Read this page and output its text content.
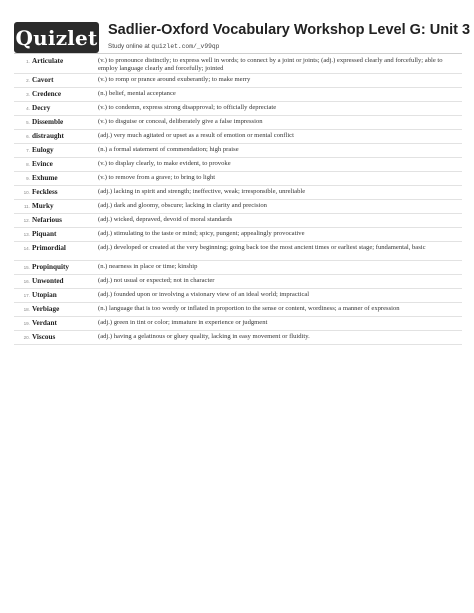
Quizlet Sadlier-Oxford Vocabulary Workshop Level G: Unit 3
Study online at quizlet.com/_v99qp
1. Articulate	(v.) to pronounce distinctly; to express well in words; to connect by a joint or joints; (adj.) expressed clearly and forcefully; able to employ language clearly and forcefully; jointed
2. Cavort	(v.) to romp or prance around exuberantly; to make merry
3. Credence	(n.) belief, mental acceptance
4. Decry	(v.) to condemn, express strong disapproval; to officially depreciate
5. Dissemble	(v.) to disguise or conceal, deliberately give a false impression
6. distraught	(adj.) very much agitated or upset as a result of emotion or mental conflict
7. Eulogy	(n.) a formal statement of commendation; high praise
8. Evince	(v.) to display clearly, to make evident, to provoke
9. Exhume	(v.) to remove from a grave; to bring to light
10. Feckless	(adj.) lacking in spirit and strength; ineffective, weak; irresponsible, unreliable
11. Murky	(adj.) dark and gloomy, obscure; lacking in clarity and precision
12. Nefarious	(adj.) wicked, depraved, devoid of moral standards
13. Piquant	(adj.) stimulating to the taste or mind; spicy, pungent; appealingly provocative
14. Primordial	(adj.) developed or created at the very beginning; going back toe the most ancient times or earliest stage; fundamental, basic
15. Propinquity	(n.) nearness in place or time; kinship
16. Unwonted	(adj.) not usual or expected; not in character
17. Utopian	(adj.) founded upon or involving a visionary view of an ideal world; impractical
18. Verbiage	(n.) language that is too wordy or inflated in proportion to the sense or content, wordiness; a manner of expression
19. Verdant	(adj.) green in tint or color; immature in experience or judgment
20. Viscous	(adj.) having a gelatinous or gluey quality, lacking in easy movement or fluidity.
